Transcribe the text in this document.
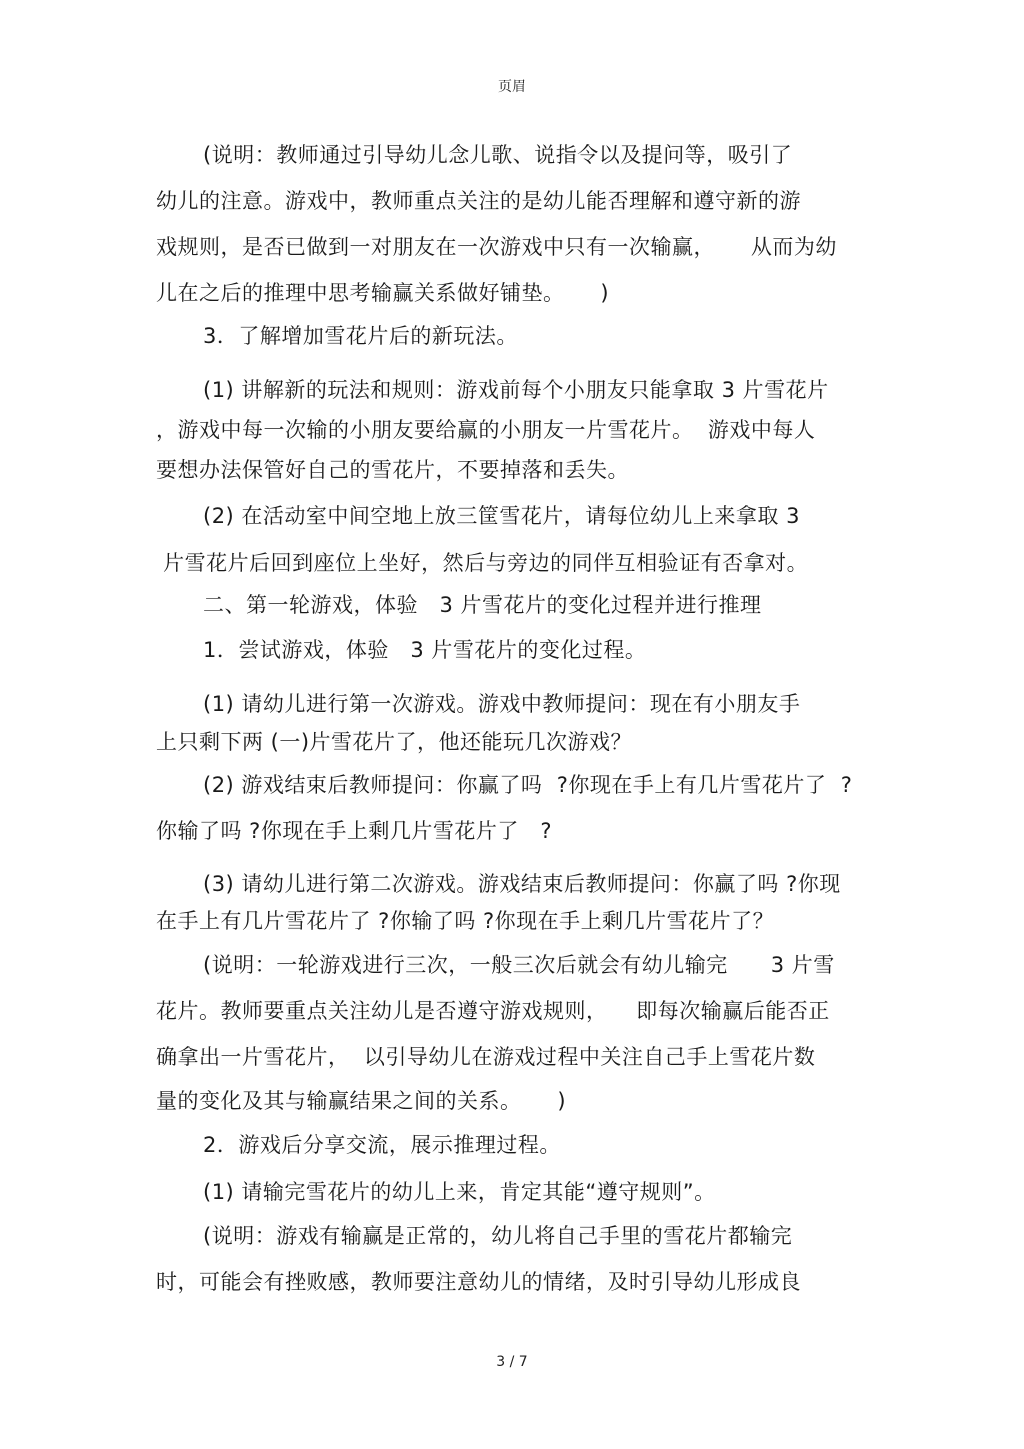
页眉
(说明：教师通过引导幼儿念儿歌、说指令以及提问等，吸引了
幼儿的注意。游戏中，教师重点关注的是幼儿能否理解和遵守新的游
戏规则，是否已做到一对朋友在一次游戏中只有一次输赢，     从而为幼
儿在之后的推理中思考输赢关系做好铺垫。     )
3．了解增加雪花片后的新玩法。
(1) 讲解新的玩法和规则：游戏前每个小朋友只能拿取 3 片雪花片
，游戏中每一次输的小朋友要给赢的小朋友一片雪花片。  游戏中每人
要想办法保管好自己的雪花片，不要掉落和丢失。
(2) 在活动室中间空地上放三筐雪花片，请每位幼儿上来拿取 3
片雪花片后回到座位上坐好，然后与旁边的同伴互相验证有否拿对。
二、第一轮游戏，体验   3 片雪花片的变化过程并进行推理
1．尝试游戏，体验   3 片雪花片的变化过程。
(1) 请幼儿进行第一次游戏。游戏中教师提问：现在有小朋友手
上只剩下两 (一)片雪花片了，他还能玩几次游戏？
(2) 游戏结束后教师提问：你赢了吗  ?你现在手上有几片雪花片了  ?
你输了吗 ?你现在手上剩几片雪花片了   ?
(3) 请幼儿进行第二次游戏。游戏结束后教师提问：你赢了吗 ?你现
在手上有几片雪花片了 ?你输了吗 ?你现在手上剩几片雪花片了？
(说明：一轮游戏进行三次，一般三次后就会有幼儿输完      3 片雪
花片。教师要重点关注幼儿是否遵守游戏规则，    即每次输赢后能否正
确拿出一片雪花片，  以引导幼儿在游戏过程中关注自己手上雪花片数
量的变化及其与输赢结果之间的关系。     )
2．游戏后分享交流，展示推理过程。
(1) 请输完雪花片的幼儿上来，肯定其能“遵守规则”。
(说明：游戏有输赢是正常的，幼儿将自己手里的雪花片都输完
时，可能会有挫败感，教师要注意幼儿的情绪，及时引导幼儿形成良
3 / 7
